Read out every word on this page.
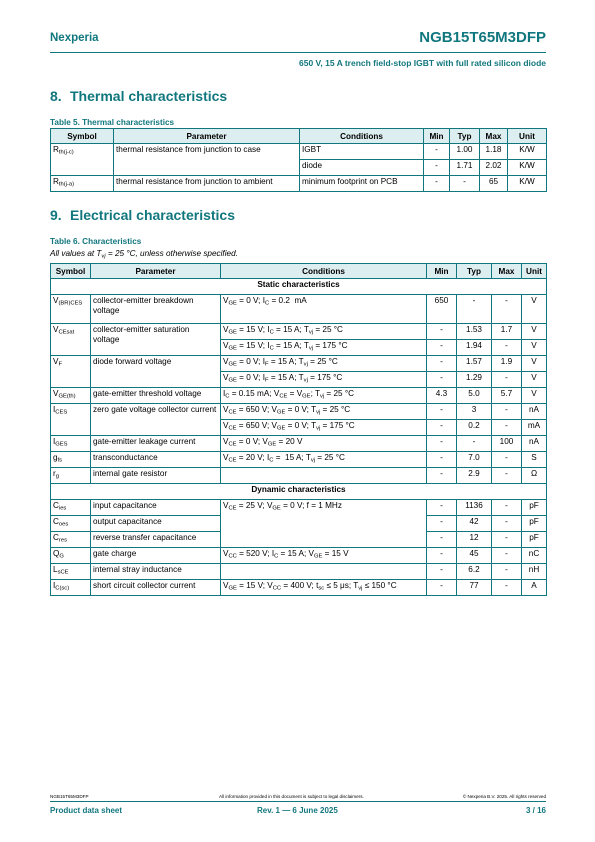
Nexperia	NGB15T65M3DFP
650 V, 15 A trench field-stop IGBT with full rated silicon diode
8. Thermal characteristics
Table 5. Thermal characteristics
Symbol	Parameter	Conditions	Min	Typ	Max	Unit
$R_{th(j-c)}$	thermal resistance from junction to case	IGBT	-	1.00	1.18	K/W
		diode	-	1.71	2.02	K/W
$R_{th(j-a)}$	thermal resistance from junction to ambient	minimum footprint on PCB	-	-	65	K/W
9. Electrical characteristics
Table 6. Characteristics
All values at $T_{vj} = 25$ °C, unless otherwise specified.
Symbol	Parameter	Conditions	Min	Typ	Max	Unit
Static characteristics						
$V_{(BR)CES}$	collector-emitter breakdown voltage	$V_{GE} = 0$ V; $I_C = 0.2$  mA	650	-	-	V
$V_{CEsat}$	collector-emitter saturation voltage	$V_{GE} = 15$ V; $I_C = 15$ A; $T_{vj} = 25$ °C	-	1.53	1.7	V
		$V_{GE} = 15$ V; $I_C = 15$ A; $T_{vj} = 175$ °C	-	1.94	-	V
$V_F$	diode forward voltage	$V_{GE} = 0$ V; $I_F = 15$ A; $T_{vj} = 25$ °C	-	1.57	1.9	V
		$V_{GE} = 0$ V; $I_F = 15$ A; $T_{vj} = 175$ °C	-	1.29	-	V
$V_{GE(th)}$	gate-emitter threshold voltage	$I_C = 0.15$ mA; $V_{CE} = V_{GE}$; $T_{vj} = 25$ °C	4.3	5.0	5.7	V
$I_{CES}$	zero gate voltage collector current	$V_{CE} = 650$ V; $V_{GE} = 0$ V; $T_{vj} = 25$ °C	-	3	-	nA
		$V_{CE} = 650$ V; $V_{GE} = 0$ V; $T_{vj} = 175$ °C	-	0.2	-	mA
$I_{GES}$	gate-emitter leakage current	$V_{CE} = 0$ V; $V_{GE} = 20$ V	-	-	100	nA
$g_{fs}$	transconductance	$V_{CE} = 20$ V; $I_C = 15$ A; $T_{vj} = 25$ °C	-	7.0	-	S
$r_g$	internal gate resistor		-	2.9	-	Ω
Dynamic characteristics						
$C_{ies}$	input capacitance	$V_{CE} = 25$ V; $V_{GE} = 0$ V; f = 1 MHz	-	1136	-	pF
$C_{oes}$	output capacitance		-	42	-	pF
$C_{res}$	reverse transfer capacitance		-	12	-	pF
$Q_G$	gate charge	$V_{CC} = 520$ V; $I_C = 15$ A; $V_{GE} = 15$ V	-	45	-	nC
$L_{sCE}$	internal stray inductance		-	6.2	-	nH
$I_{C(sc)}$	short circuit collector current	$V_{GE} = 15$ V; $V_{CC} = 400$ V; $t_{sc} \le 5$ μs; $T_{vj} \le 150$ °C	-	77	-	A
NGB15T65M3DFP	All information provided in this document is subject to legal disclaimers.	© Nexperia B.V. 2025. All rights reserved
Product data sheet	Rev. 1 — 6 June 2025	3 / 16
